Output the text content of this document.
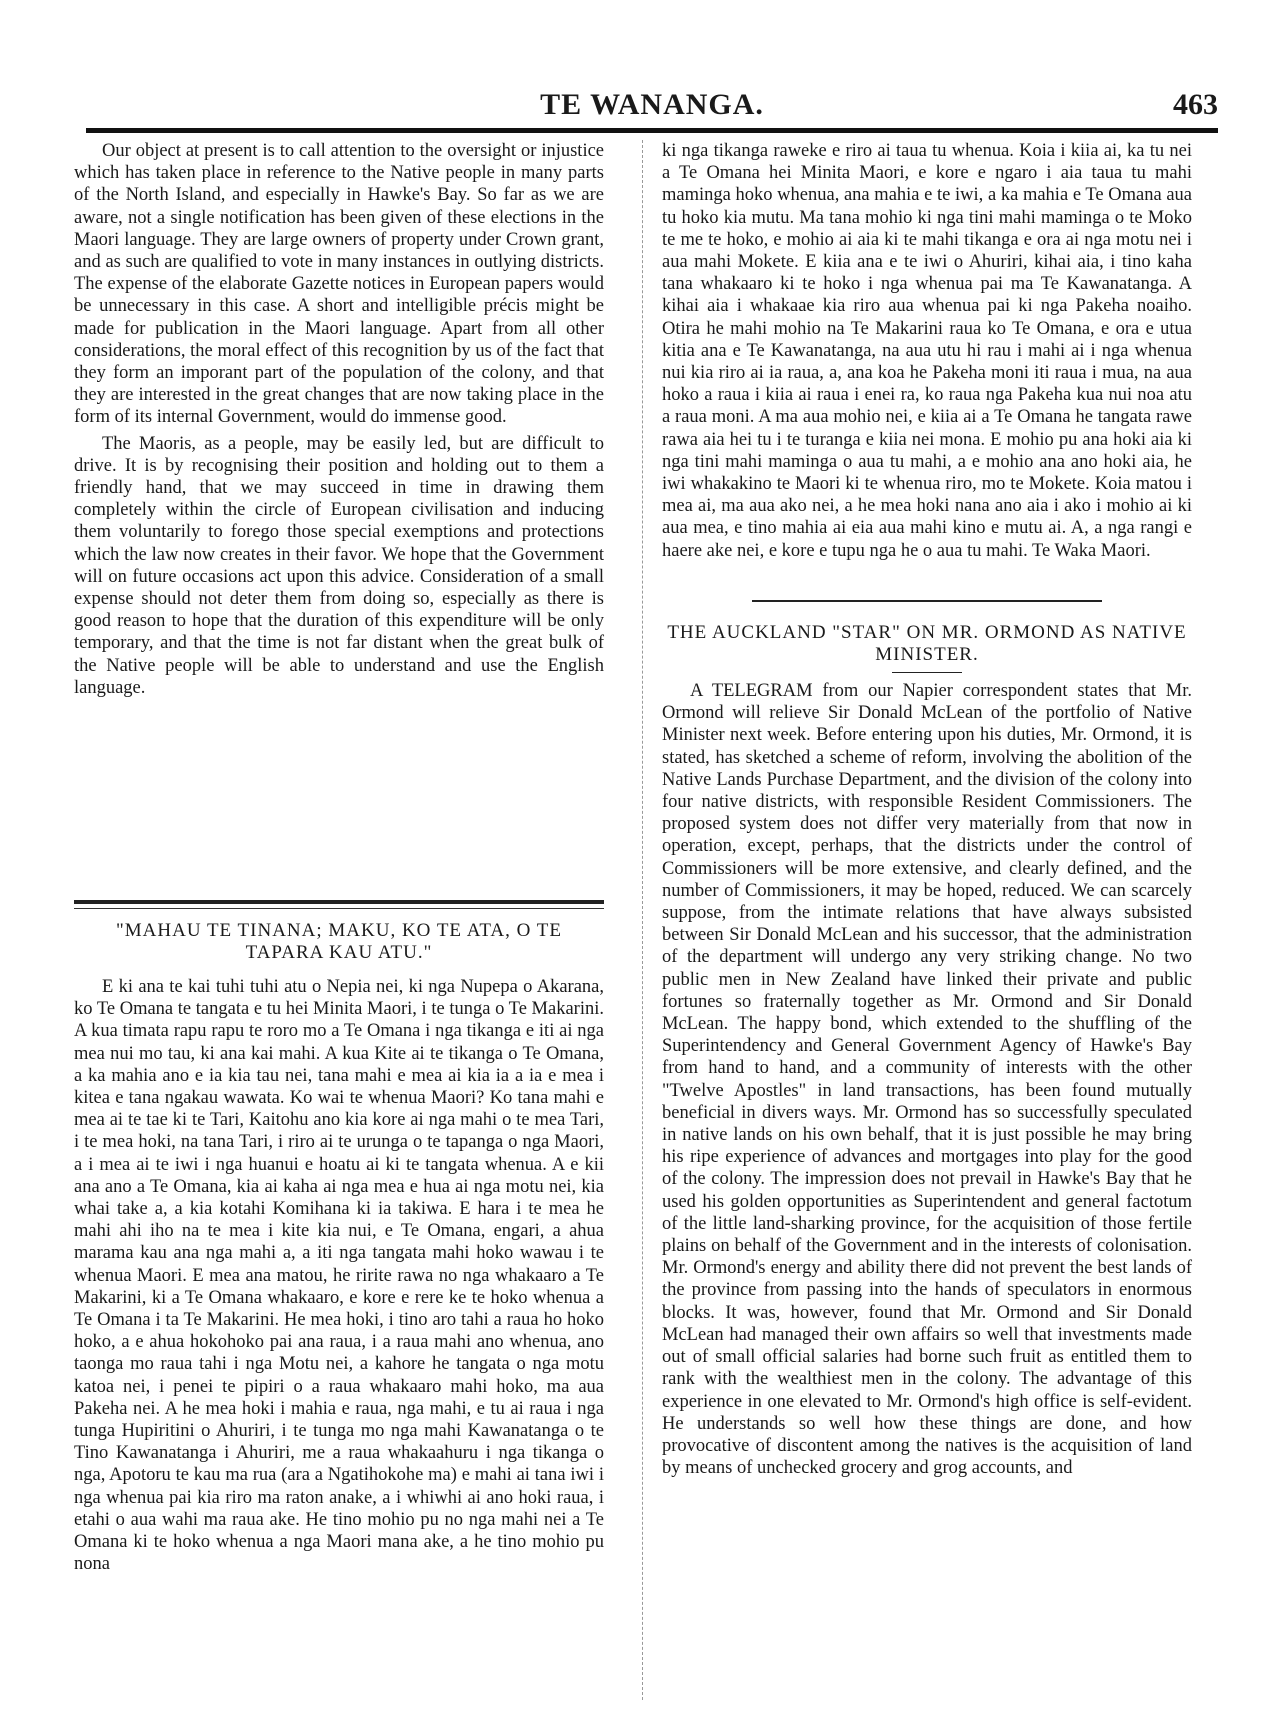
TE WANANGA.	463

Our object at present is to call attention to the oversight or injustice which has taken place in reference to the Native people in many parts of the North Island, and especially in Hawke's Bay. So far as we are aware, not a single notification has been given of these elections in the Maori language. They are large owners of property under Crown grant, and as such are qualified to vote in many instances in outlying districts. The expense of the elaborate Gazette notices in European papers would be unnecessary in this case. A short and intelligible précis might be made for publication in the Maori language. Apart from all other considerations, the moral effect of this recognition by us of the fact that they form an imporant part of the population of the colony, and that they are interested in the great changes that are now taking place in the form of its internal Government, would do immense good.

The Maoris, as a people, may be easily led, but are difficult to drive. It is by recognising their position and holding out to them a friendly hand, that we may succeed in time in drawing them completely within the circle of European civilisation and inducing them voluntarily to forego those special exemptions and protections which the law now creates in their favor. We hope that the Government will on future occasions act upon this advice. Consideration of a small expense should not deter them from doing so, especially as there is good reason to hope that the duration of this expenditure will be only temporary, and that the time is not far distant when the great bulk of the Native people will be able to understand and use the English language.

"MAHAU TE TINANA; MAKU, KO TE ATA, O TE TAPARA KAU ATU."

E ki ana te kai tuhi tuhi atu o Nepia nei, ki nga Nupepa o Akarana, ko Te Omana te tangata e tu hei Minita Maori, i te tunga o Te Makarini. A kua timata rapu rapu te roro mo a Te Omana i nga tikanga e iti ai nga mea nui mo tau, ki ana kai mahi. A kua Kite ai te tikanga o Te Omana, a ka mahia ano e ia kia tau nei, tana mahi e mea ai kia ia a ia e mea i kitea e tana ngakau wawata. Ko wai te whenua Maori? Ko tana mahi e mea ai te tae ki te Tari, Kaitohu ano kia kore ai nga mahi o te mea Tari, i te mea hoki, na tana Tari, i riro ai te urunga o te tapanga o nga Maori, a i mea ai te iwi i nga huanui e hoatu ai ki te tangata whenua. A e kii ana ano a Te Omana, kia ai kaha ai nga mea e hua ai nga motu nei, kia whai take a, a kia kotahi Komihana ki ia takiwa. E hara i te mea he mahi ahi iho na te mea i kite kia nui, e Te Omana, engari, a ahua marama kau ana nga mahi a, a iti nga tangata mahi hoko wawau i te whenua Maori. E mea ana matou, he ririte rawa no nga whakaaro a Te Makarini, ki a Te Omana whakaaro, e kore e rere ke te hoko whenua a Te Omana i ta Te Makarini. He mea hoki, i tino aro tahi a raua ho hoko hoko, a e ahua hokohoko pai ana raua, i a raua mahi ano whenua, ano taonga mo raua tahi i nga Motu nei, a kahore he tangata o nga motu katoa nei, i penei te pipiri o a raua whakaaro mahi hoko, ma aua Pakeha nei. A he mea hoki i mahia e raua, nga mahi, e tu ai raua i nga tunga Hupiritini o Ahuriri, i te tunga mo nga mahi Kawanatanga o te Tino Kawanatanga i Ahuriri, me a raua whakaahuru i nga tikanga o nga, Apotoru te kau ma rua (ara a Ngatihokohe ma) e mahi ai tana iwi i nga whenua pai kia riro ma raton anake, a i whiwhi ai ano hoki raua, i etahi o aua wahi ma raua ake. He tino mohio pu no nga mahi nei a Te Omana ki te hoko whenua a nga Maori mana ake, a he tino mohio pu nona

ki nga tikanga raweke e riro ai taua tu whenua. Koia i kiia ai, ka tu nei a Te Omana hei Minita Maori, e kore e ngaro i aia taua tu mahi maminga hoko whenua, ana mahia e te iwi, a ka mahia e Te Omana aua tu hoko kia mutu. Ma tana mohio ki nga tini mahi maminga o te Moko te me te hoko, e mohio ai aia ki te mahi tikanga e ora ai nga motu nei i aua mahi Mokete. E kiia ana e te iwi o Ahuriri, kihai aia, i tino kaha tana whakaaro ki te hoko i nga whenua pai ma Te Kawanatanga. A kihai aia i whakaae kia riro aua whenua pai ki nga Pakeha noaiho. Otira he mahi mohio na Te Makarini raua ko Te Omana, e ora e utua kitia ana e Te Kawanatanga, na aua utu hi rau i mahi ai i nga whenua nui kia riro ai ia raua, a, ana koa he Pakeha moni iti raua i mua, na aua hoko a raua i kiia ai raua i enei ra, ko raua nga Pakeha kua nui noa atu a raua moni. A ma aua mohio nei, e kiia ai a Te Omana he tangata rawe rawa aia hei tu i te turanga e kiia nei mona. E mohio pu ana hoki aia ki nga tini mahi maminga o aua tu mahi, a e mohio ana ano hoki aia, he iwi whakakino te Maori ki te whenua riro, mo te Mokete. Koia matou i mea ai, ma aua ako nei, a he mea hoki nana ano aia i ako i mohio ai ki aua mea, e tino mahia ai eia aua mahi kino e mutu ai. A, a nga rangi e haere ake nei, e kore e tupu nga he o aua tu mahi. Te Waka Maori.

THE AUCKLAND "STAR" ON MR. ORMOND AS NATIVE MINISTER.

A TELEGRAM from our Napier correspondent states that Mr. Ormond will relieve Sir Donald McLean of the portfolio of Native Minister next week. Before entering upon his duties, Mr. Ormond, it is stated, has sketched a scheme of reform, involving the abolition of the Native Lands Purchase Department, and the division of the colony into four native districts, with responsible Resident Commissioners. The proposed system does not differ very materially from that now in operation, except, perhaps, that the districts under the control of Commissioners will be more extensive, and clearly defined, and the number of Commissioners, it may be hoped, reduced. We can scarcely suppose, from the intimate relations that have always subsisted between Sir Donald McLean and his successor, that the administration of the department will undergo any very striking change. No two public men in New Zealand have linked their private and public fortunes so fraternally together as Mr. Ormond and Sir Donald McLean. The happy bond, which extended to the shuffling of the Superintendency and General Government Agency of Hawke's Bay from hand to hand, and a community of interests with the other "Twelve Apostles" in land transactions, has been found mutually beneficial in divers ways. Mr. Ormond has so successfully speculated in native lands on his own behalf, that it is just possible he may bring his ripe experience of advances and mortgages into play for the good of the colony. The impression does not prevail in Hawke's Bay that he used his golden opportunities as Superintendent and general factotum of the little land-sharking province, for the acquisition of those fertile plains on behalf of the Government and in the interests of colonisation. Mr. Ormond's energy and ability there did not prevent the best lands of the province from passing into the hands of speculators in enormous blocks. It was, however, found that Mr. Ormond and Sir Donald McLean had managed their own affairs so well that investments made out of small official salaries had borne such fruit as entitled them to rank with the wealthiest men in the colony. The advantage of this experience in one elevated to Mr. Ormond's high office is self-evident. He understands so well how these things are done, and how provocative of discontent among the natives is the acquisition of land by means of unchecked grocery and grog accounts, and
